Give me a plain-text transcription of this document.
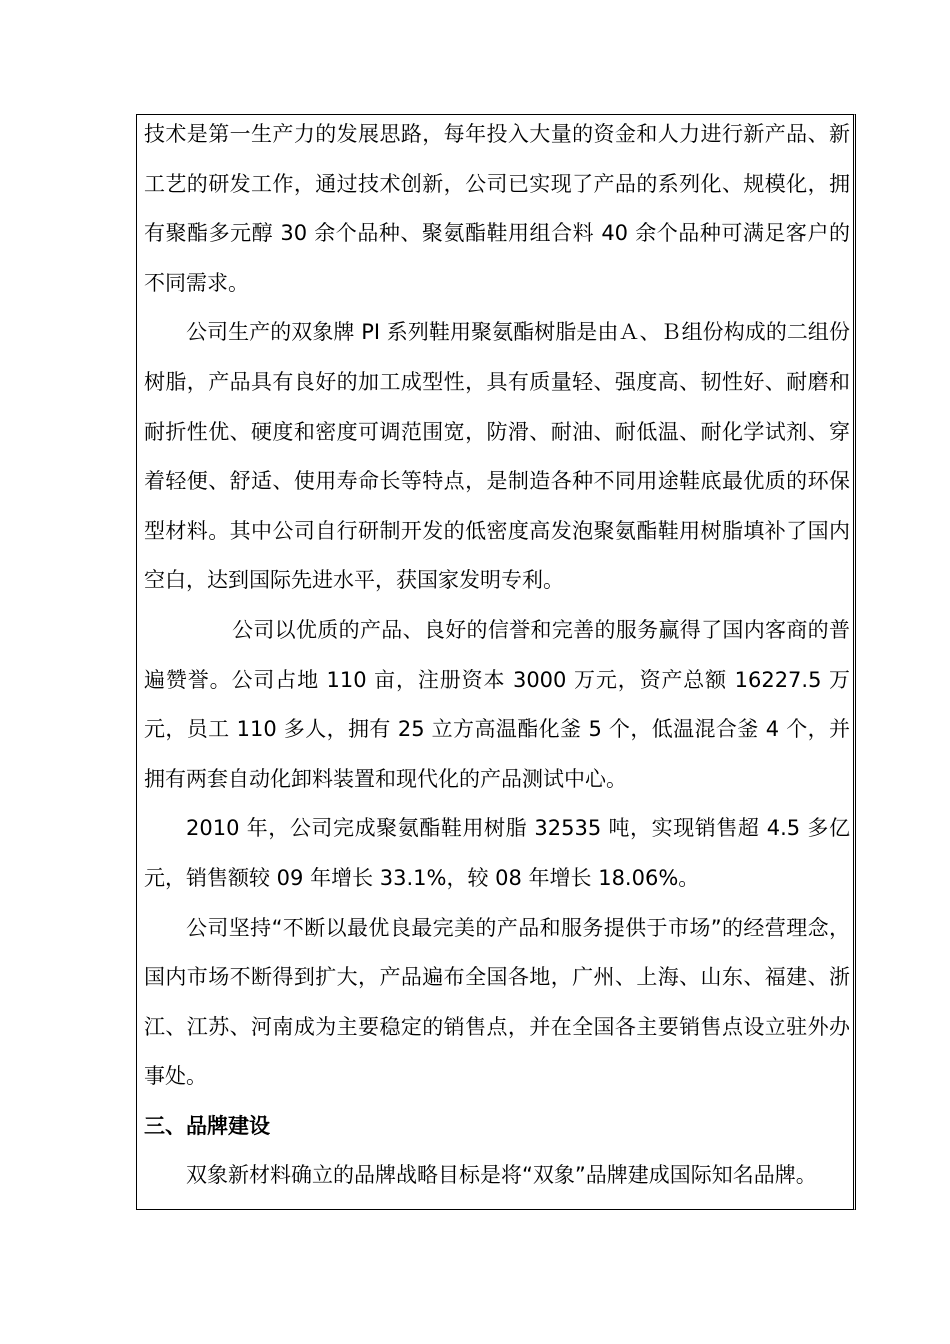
技术是第一生产力的发展思路，每年投入大量的资金和人力进行新产品、新工艺的研发工作，通过技术创新，公司已实现了产品的系列化、规模化，拥有聚酯多元醇 30 余个品种、聚氨酯鞋用组合料 40 余个品种可满足客户的不同需求。

公司生产的双象牌 PI 系列鞋用聚氨酯树脂是由Ａ、Ｂ组份构成的二组份树脂，产品具有良好的加工成型性，具有质量轻、强度高、韧性好、耐磨和耐折性优、硬度和密度可调范围宽，防滑、耐油、耐低温、耐化学试剂、穿着轻便、舒适、使用寿命长等特点，是制造各种不同用途鞋底最优质的环保型材料。其中公司自行研制开发的低密度高发泡聚氨酯鞋用树脂填补了国内空白，达到国际先进水平，获国家发明专利。

公司以优质的产品、良好的信誉和完善的服务赢得了国内客商的普遍赞誉。公司占地 110 亩，注册资本 3000 万元，资产总额 16227.5 万元，员工 110 多人，拥有 25 立方高温酯化釜 5 个，低温混合釜 4 个，并拥有两套自动化卸料装置和现代化的产品测试中心。

2010 年，公司完成聚氨酯鞋用树脂 32535 吨，实现销售超 4.5 多亿元，销售额较 09 年增长 33.1%，较 08 年增长 18.06%。

公司坚持“不断以最优良最完美的产品和服务提供于市场”的经营理念，国内市场不断得到扩大，产品遍布全国各地，广州、上海、山东、福建、浙江、江苏、河南成为主要稳定的销售点，并在全国各主要销售点设立驻外办事处。

三、品牌建设

双象新材料确立的品牌战略目标是将“双象”品牌建成国际知名品牌。
